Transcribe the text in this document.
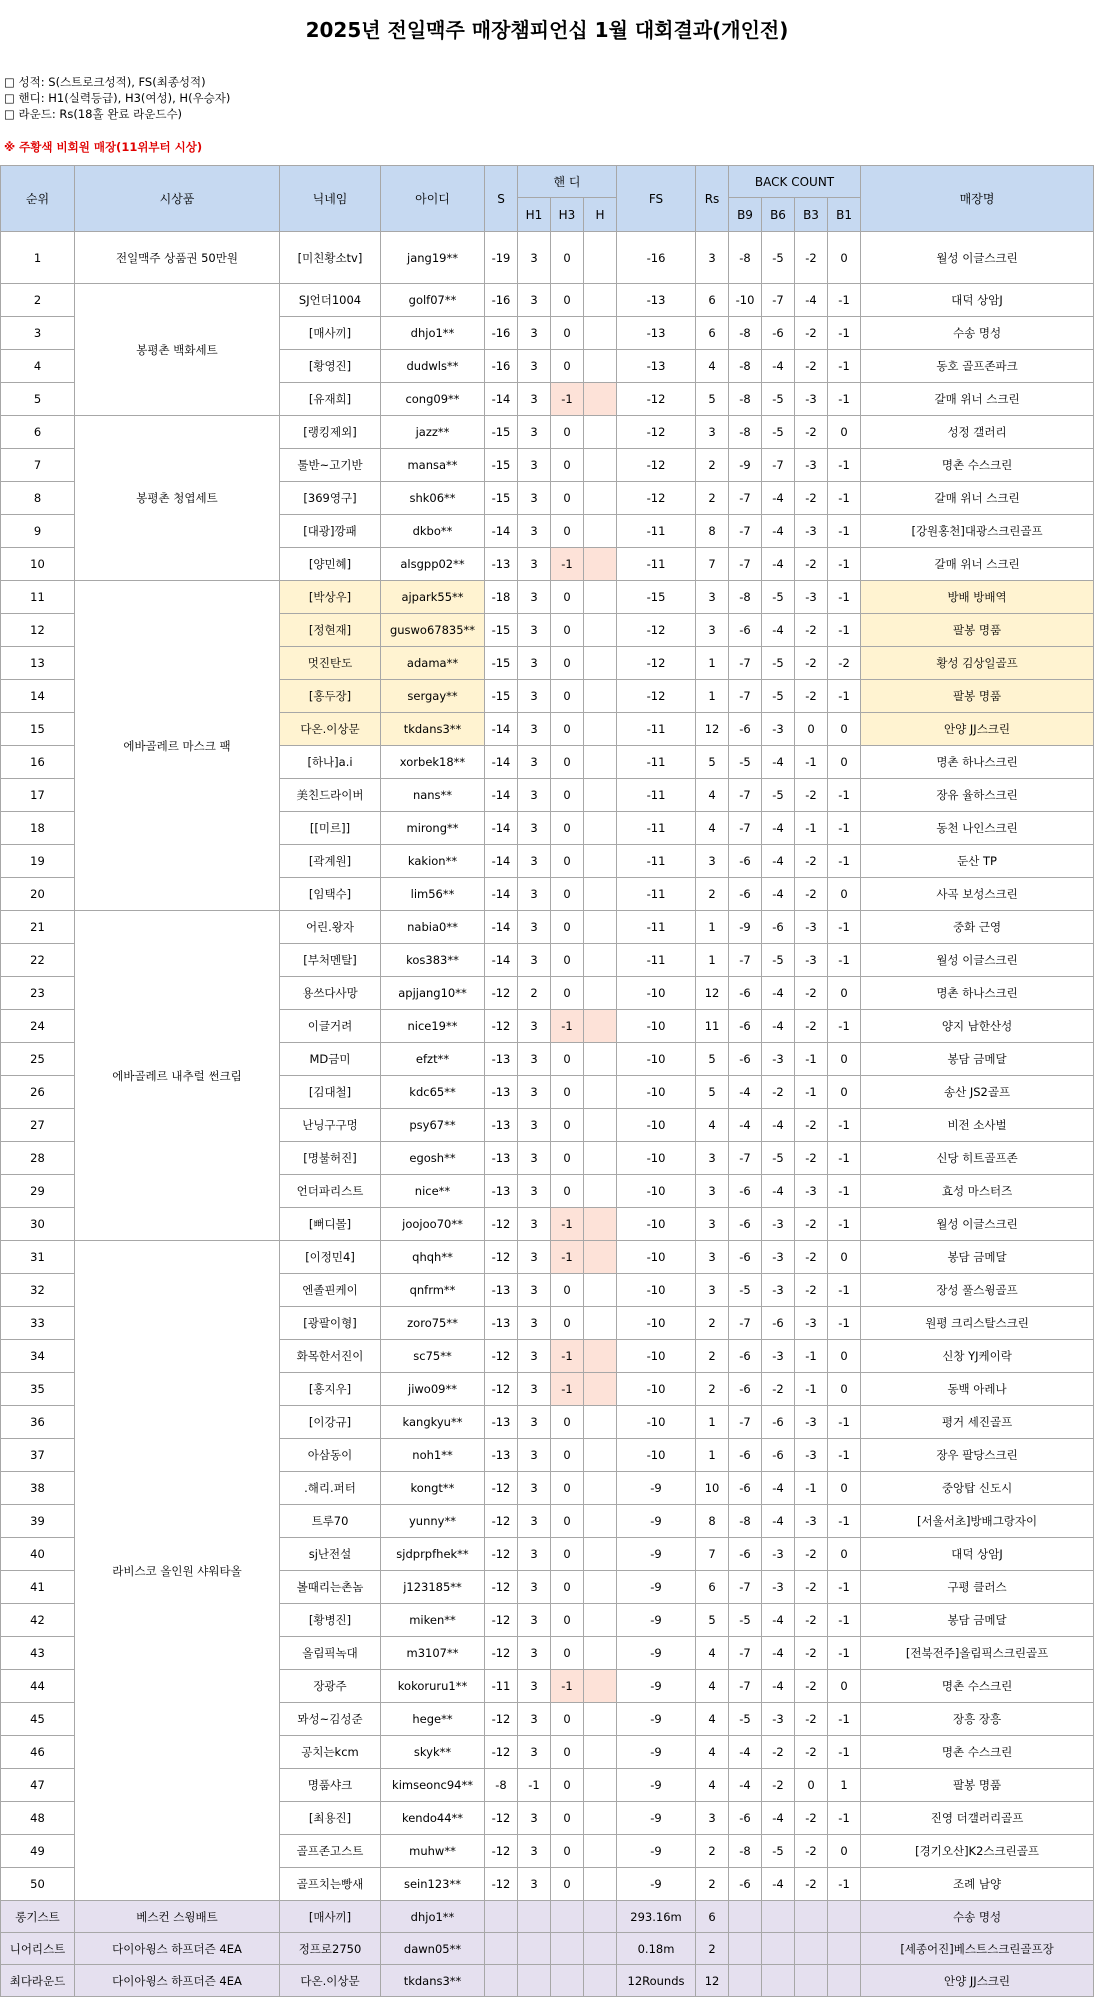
2025년 전일맥주 매장챔피언십 1월 대회결과(개인전)
□ 성적: S(스트로크성적), FS(최종성적)
□ 핸디: H1(실력등급), H3(여성), H(우승자)
□ 라운드: Rs(18홀 완료 라운드수)
※ 주황색 비회원 매장(11위부터 시상)
순위	시상품	닉네임	아이디	S	핸 디			FS	Rs	BACK COUNT				매장명
					H1	H3	H			B9	B6	B3	B1	
1	전일맥주 상품권 50만원	[미친황소tv]	jang19**	-19	3	0		-16	3	-8	-5	-2	0	월성 이글스크린
2	봉평촌 백화세트	SJ언더1004	golf07**	-16	3	0		-13	6	-10	-7	-4	-1	대덕 상암J
3		[매사끼]	dhjo1**	-16	3	0		-13	6	-8	-6	-2	-1	수송 명성
4		[황영진]	dudwls**	-16	3	0		-13	4	-8	-4	-2	-1	동호 골프존파크
5		[유재희]	cong09**	-14	3	-1		-12	5	-8	-5	-3	-1	갈매 위너 스크린
6	봉평촌 청엽세트	[랭킹제외]	jazz**	-15	3	0		-12	3	-8	-5	-2	0	성정 갤러리
7		툴반~고기반	mansa**	-15	3	0		-12	2	-9	-7	-3	-1	명촌 수스크린
8		[369영구]	shk06**	-15	3	0		-12	2	-7	-4	-2	-1	갈매 위너 스크린
9		[대광]깡패	dkbo**	-14	3	0		-11	8	-7	-4	-3	-1	[강원홍천]대광스크린골프
10		[양민혜]	alsgpp02**	-13	3	-1		-11	7	-7	-4	-2	-1	갈매 위너 스크린
11	에바골레르 마스크 팩	[박상우]	ajpark55**	-18	3	0		-15	3	-8	-5	-3	-1	방배 방배역
12		[정현재]	guswo67835**	-15	3	0		-12	3	-6	-4	-2	-1	팔봉 명품
13		멋진탄도	adama**	-15	3	0		-12	1	-7	-5	-2	-2	황성 김상일골프
14		[홍두장]	sergay**	-15	3	0		-12	1	-7	-5	-2	-1	팔봉 명품
15		다온.이상문	tkdans3**	-14	3	0		-11	12	-6	-3	0	0	안양 JJ스크린
16		[하나]a.i	xorbek18**	-14	3	0		-11	5	-5	-4	-1	0	명촌 하나스크린
17		美친드라이버	nans**	-14	3	0		-11	4	-7	-5	-2	-1	장유 율하스크린
18		[[미르]]	mirong**	-14	3	0		-11	4	-7	-4	-1	-1	동천 나인스크린
19		[곽계원]	kakion**	-14	3	0		-11	3	-6	-4	-2	-1	둔산 TP
20		[임택수]	lim56**	-14	3	0		-11	2	-6	-4	-2	0	사곡 보성스크린
21	에바골레르 내추럴 썬크림	어린.왕자	nabia0**	-14	3	0		-11	1	-9	-6	-3	-1	중화 근영
22		[부처멘탈]	kos383**	-14	3	0		-11	1	-7	-5	-3	-1	월성 이글스크린
23		용쓰다사망	apjjang10**	-12	2	0		-10	12	-6	-4	-2	0	명촌 하나스크린
24		이글거려	nice19**	-12	3	-1		-10	11	-6	-4	-2	-1	양지 남한산성
25		MD금미	efzt**	-13	3	0		-10	5	-6	-3	-1	0	봉담 금메달
26		[김대철]	kdc65**	-13	3	0		-10	5	-4	-2	-1	0	송산 JS2골프
27		난닝구구멍	psy67**	-13	3	0		-10	4	-4	-4	-2	-1	비전 소사벌
28		[명불허진]	egosh**	-13	3	0		-10	3	-7	-5	-2	-1	신당 히트골프존
29		언더파리스트	nice**	-13	3	0		-10	3	-6	-4	-3	-1	효성 마스터즈
30		[뻐디몰]	joojoo70**	-12	3	-1		-10	3	-6	-3	-2	-1	월성 이글스크린
31	라비스코 올인원 샤워타올	[이정민4]	qhqh**	-12	3	-1		-10	3	-6	-3	-2	0	봉담 금메달
32		엔졸핀케이	qnfrm**	-13	3	0		-10	3	-5	-3	-2	-1	장성 풀스윙골프
33		[광팔이형]	zoro75**	-13	3	0		-10	2	-7	-6	-3	-1	원평 크리스탈스크린
34		화목한서진이	sc75**	-12	3	-1		-10	2	-6	-3	-1	0	신창 YJ케이락
35		[홍지우]	jiwo09**	-12	3	-1		-10	2	-6	-2	-1	0	동백 아레나
36		[이강규]	kangkyu**	-13	3	0		-10	1	-7	-6	-3	-1	평거 세진골프
37		아삼동이	noh1**	-13	3	0		-10	1	-6	-6	-3	-1	장우 팔당스크린
38		.해리.퍼터	kongt**	-12	3	0		-9	10	-6	-4	-1	0	중앙탑 신도시
39		트루70	yunny**	-12	3	0		-9	8	-8	-4	-3	-1	[서울서초]방배그랑자이
40		sj난전설	sjdprpfhek**	-12	3	0		-9	7	-6	-3	-2	0	대덕 상암J
41		볼때리는촌놈	j123185**	-12	3	0		-9	6	-7	-3	-2	-1	구평 클러스
42		[황병진]	miken**	-12	3	0		-9	5	-5	-4	-2	-1	봉담 금메달
43		올림픽녹대	m3107**	-12	3	0		-9	4	-7	-4	-2	-1	[전북전주]올림픽스크린골프
44		장광주	kokoruru1**	-11	3	-1		-9	4	-7	-4	-2	0	명촌 수스크린
45		뫄성~김성준	hege**	-12	3	0		-9	4	-5	-3	-2	-1	장흥 장흥
46		공치는kcm	skyk**	-12	3	0		-9	4	-4	-2	-2	-1	명촌 수스크린
47		명품샤크	kimseonc94**	-8	-1	0		-9	4	-4	-2	0	1	팔봉 명품
48		[최용진]	kendo44**	-12	3	0		-9	3	-6	-4	-2	-1	진영 더갤러리골프
49		골프존고스트	muhw**	-12	3	0		-9	2	-8	-5	-2	0	[경기오산]K2스크린골프
50		골프치는빵새	sein123**	-12	3	0		-9	2	-6	-4	-2	-1	조례 남양
롱기스트	베스컨 스윙배트	[매사끼]	dhjo1**					293.16m	6					수송 명성
니어리스트	다이아윙스 하프더즌 4EA	정프로2750	dawn05**					0.18m	2					[세종어진]베스트스크린골프장
최다라운드	다이아윙스 하프더즌 4EA	다온.이상문	tkdans3**					12Rounds	12					안양 JJ스크린
